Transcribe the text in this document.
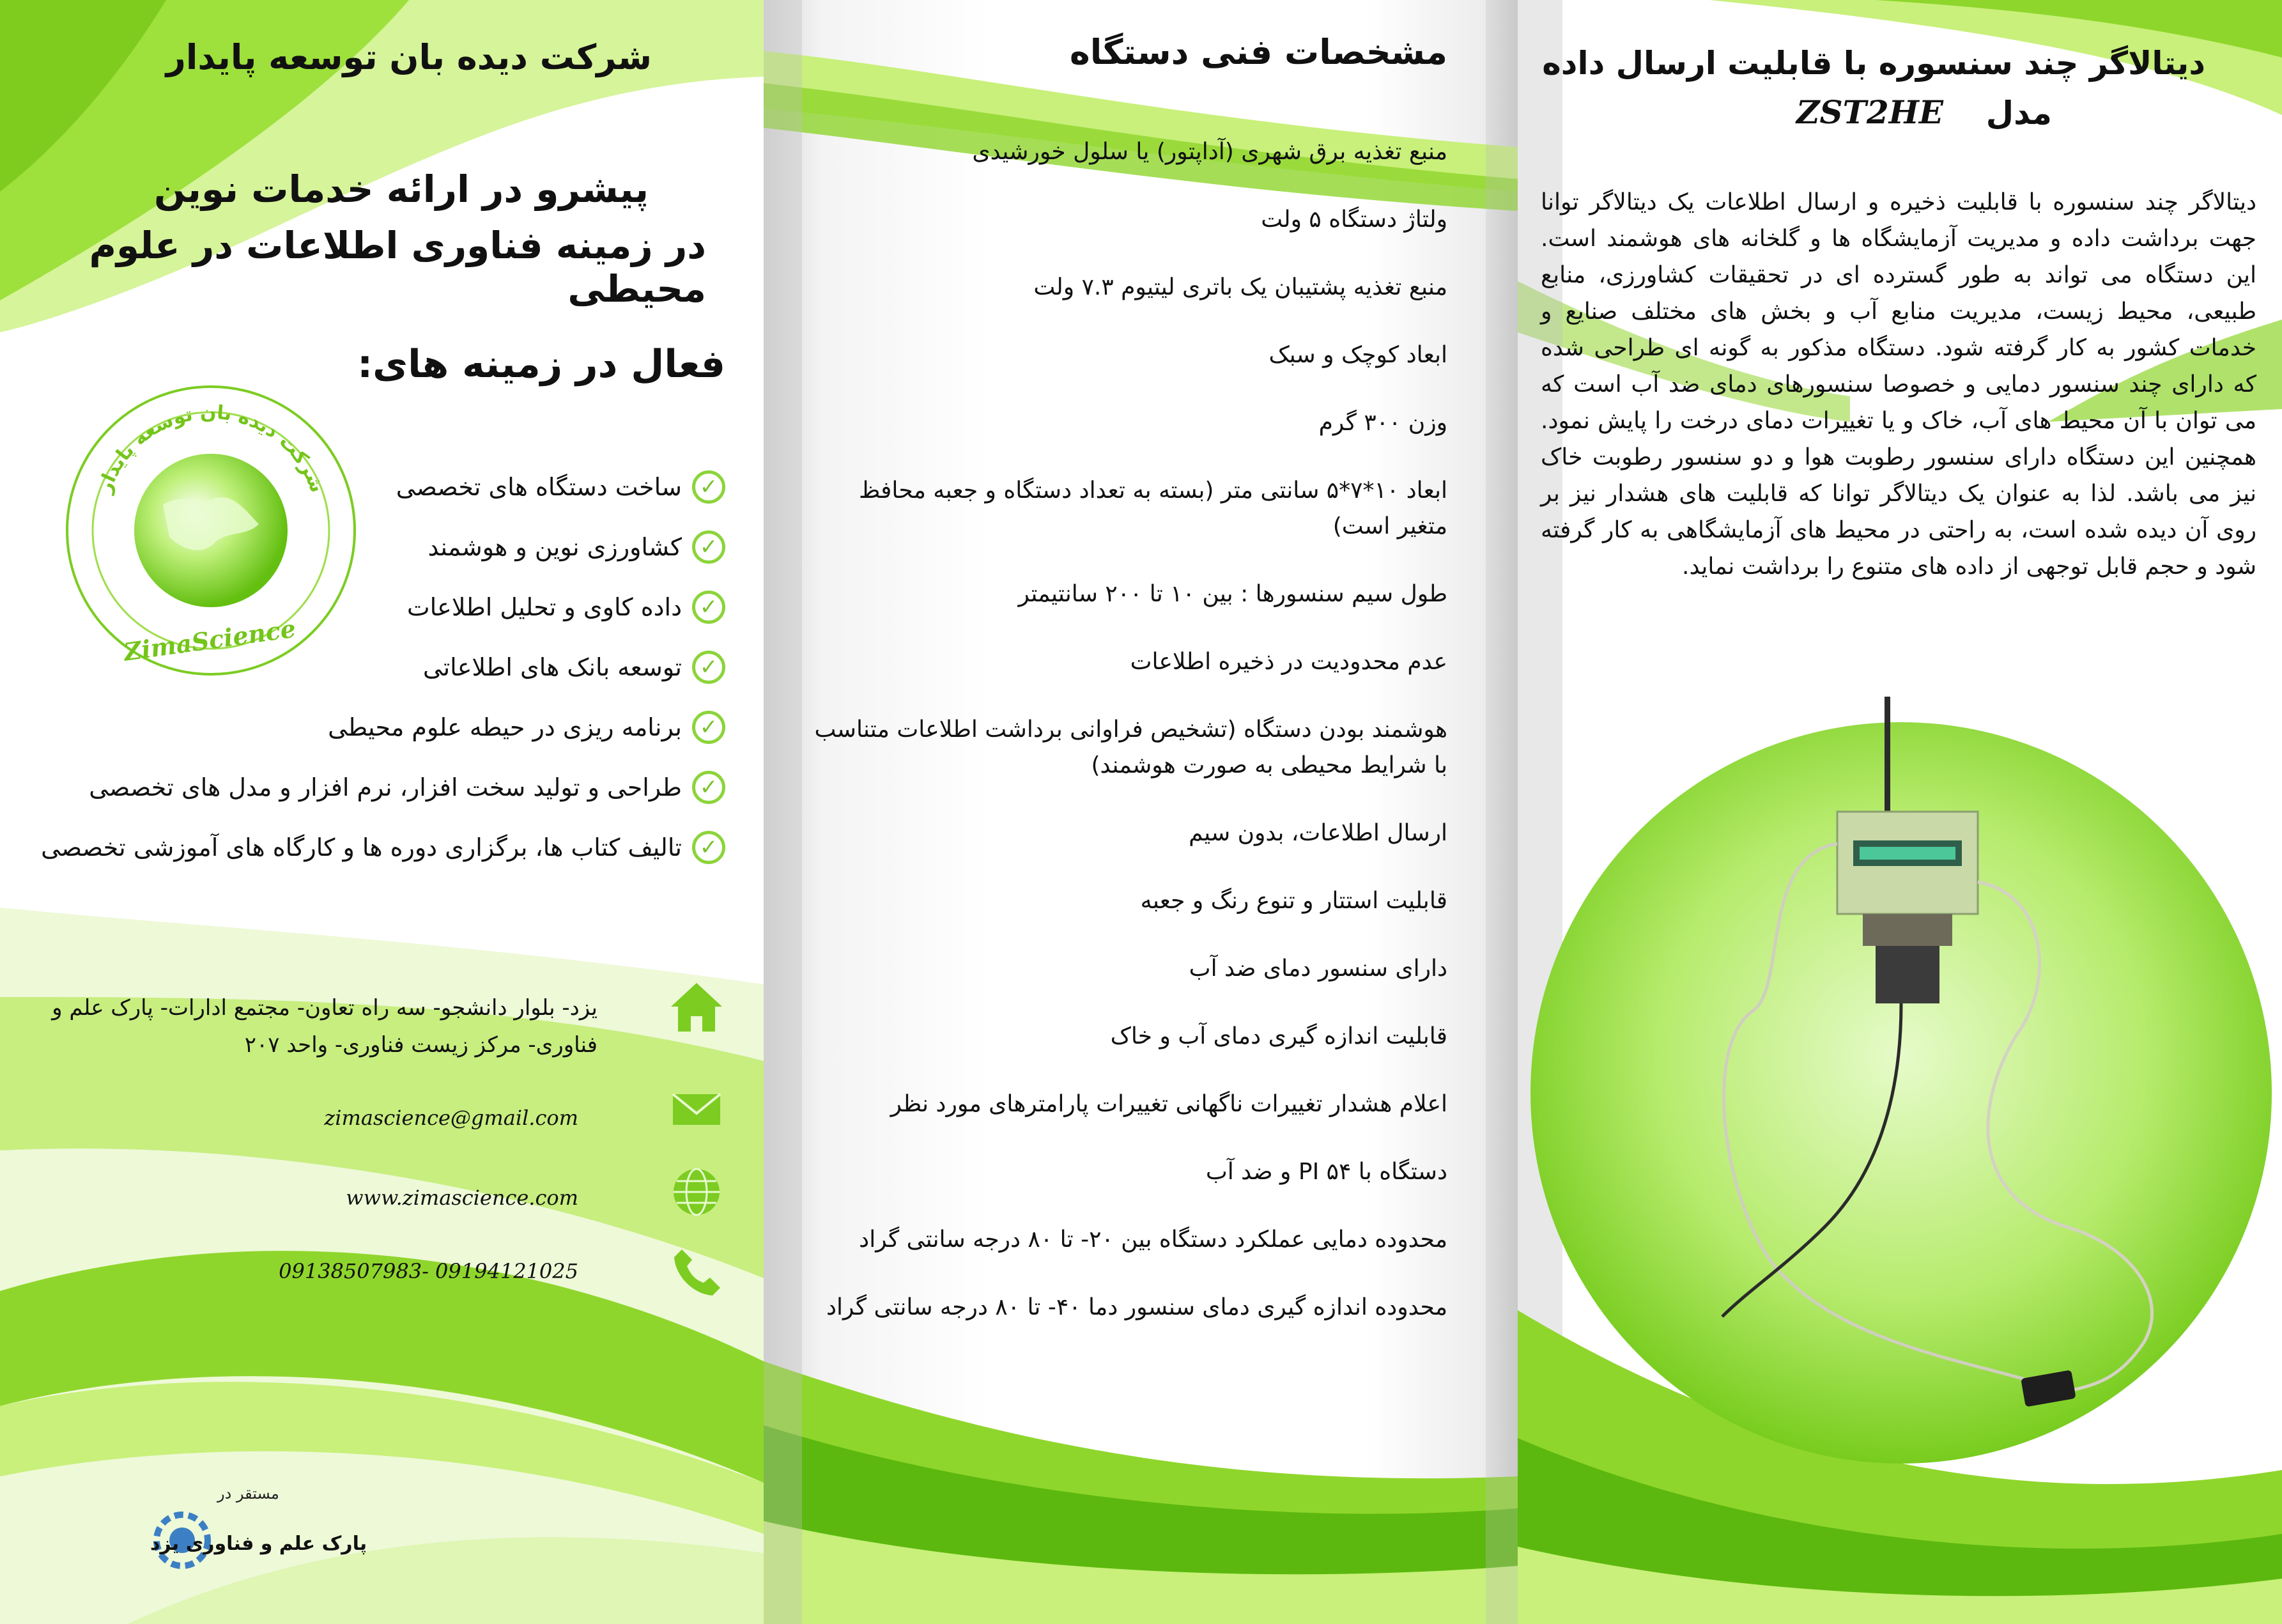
شرکت دیده بان توسعه پایدار
پیشرو در ارائه خدمات نوین
در زمینه فناوری اطلاعات در علوم محیطی
شرکت دیده بان توسعه پایدار
ZimaScience
فعال در زمینه های:
✓
ساخت دستگاه های تخصصی
✓
کشاورزی نوین و هوشمند
✓
داده کاوی و تحلیل اطلاعات
✓
توسعه بانک های اطلاعاتی
✓
برنامه ریزی در حیطه علوم محیطی
✓
طراحی و تولید سخت افزار، نرم افزار و مدل های تخصصی
✓
تالیف کتاب ها، برگزاری دوره ها و کارگاه های آموزشی تخصصی
یزد- بلوار دانشجو- سه راه تعاون- مجتمع ادارات- پارک علم و فناوری- مرکز زیست فناوری- واحد ۲۰۷
zimascience@gmail.com
www.zimascience.com
09138507983- 09194121025
مستقر در
پارک علم و فناوری یزد
مشخصات فنی دستگاه
منبع تغذیه برق شهری (آداپتور) یا سلول خورشیدی
ولتاژ دستگاه ۵ ولت
منبع تغذیه پشتیبان یک باتری لیتیوم ۷.۳ ولت
ابعاد کوچک و سبک
وزن ۳۰۰ گرم
ابعاد ۱۰*۷*۵ سانتی متر (بسته به تعداد دستگاه و جعبه محافظ متغیر است)
طول سیم سنسورها : بین ۱۰ تا ۲۰۰ سانتیمتر
عدم محدودیت در ذخیره اطلاعات
هوشمند بودن دستگاه (تشخیص فراوانی برداشت اطلاعات متناسب با شرایط محیطی به صورت هوشمند)
ارسال اطلاعات، بدون سیم
قابلیت استتار و تنوع رنگ و جعبه
دارای سنسور دمای ضد آب
قابلیت اندازه گیری دمای آب و خاک
اعلام هشدار تغییرات ناگهانی تغییرات پارامترهای مورد نظر
دستگاه با PI ۵۴ و ضد آب
محدوده دمایی عملکرد دستگاه بین ۲۰- تا ۸۰ درجه سانتی گراد
محدوده اندازه گیری دمای سنسور دما ۴۰- تا ۸۰ درجه سانتی گراد
دیتالاگر چند سنسوره با قابلیت ارسال داده
مدل
ZST2HE
دیتالاگر چند سنسوره با قابلیت ذخیره و ارسال اطلاعات یک دیتالاگر توانا جهت برداشت داده و مدیریت آزمایشگاه ها و گلخانه های هوشمند است. این دستگاه می تواند به طور گسترده ای در تحقیقات کشاورزی، منابع طبیعی، محیط زیست، مدیریت منابع آب و بخش های مختلف صنایع و خدمات کشور به کار گرفته شود. دستگاه مذکور به گونه ای طراحی شده که دارای چند سنسور دمایی و خصوصا سنسورهای دمای ضد آب است که می توان با آن محیط های آب، خاک و یا تغییرات دمای درخت را پایش نمود. همچنین این دستگاه دارای سنسور رطوبت هوا و دو سنسور رطوبت خاک نیز می باشد. لذا به عنوان یک دیتالاگر توانا که قابلیت های هشدار نیز بر روی آن دیده شده است، به راحتی در محیط های آزمایشگاهی به کار گرفته شود و حجم قابل توجهی از داده های متنوع را برداشت نماید.
